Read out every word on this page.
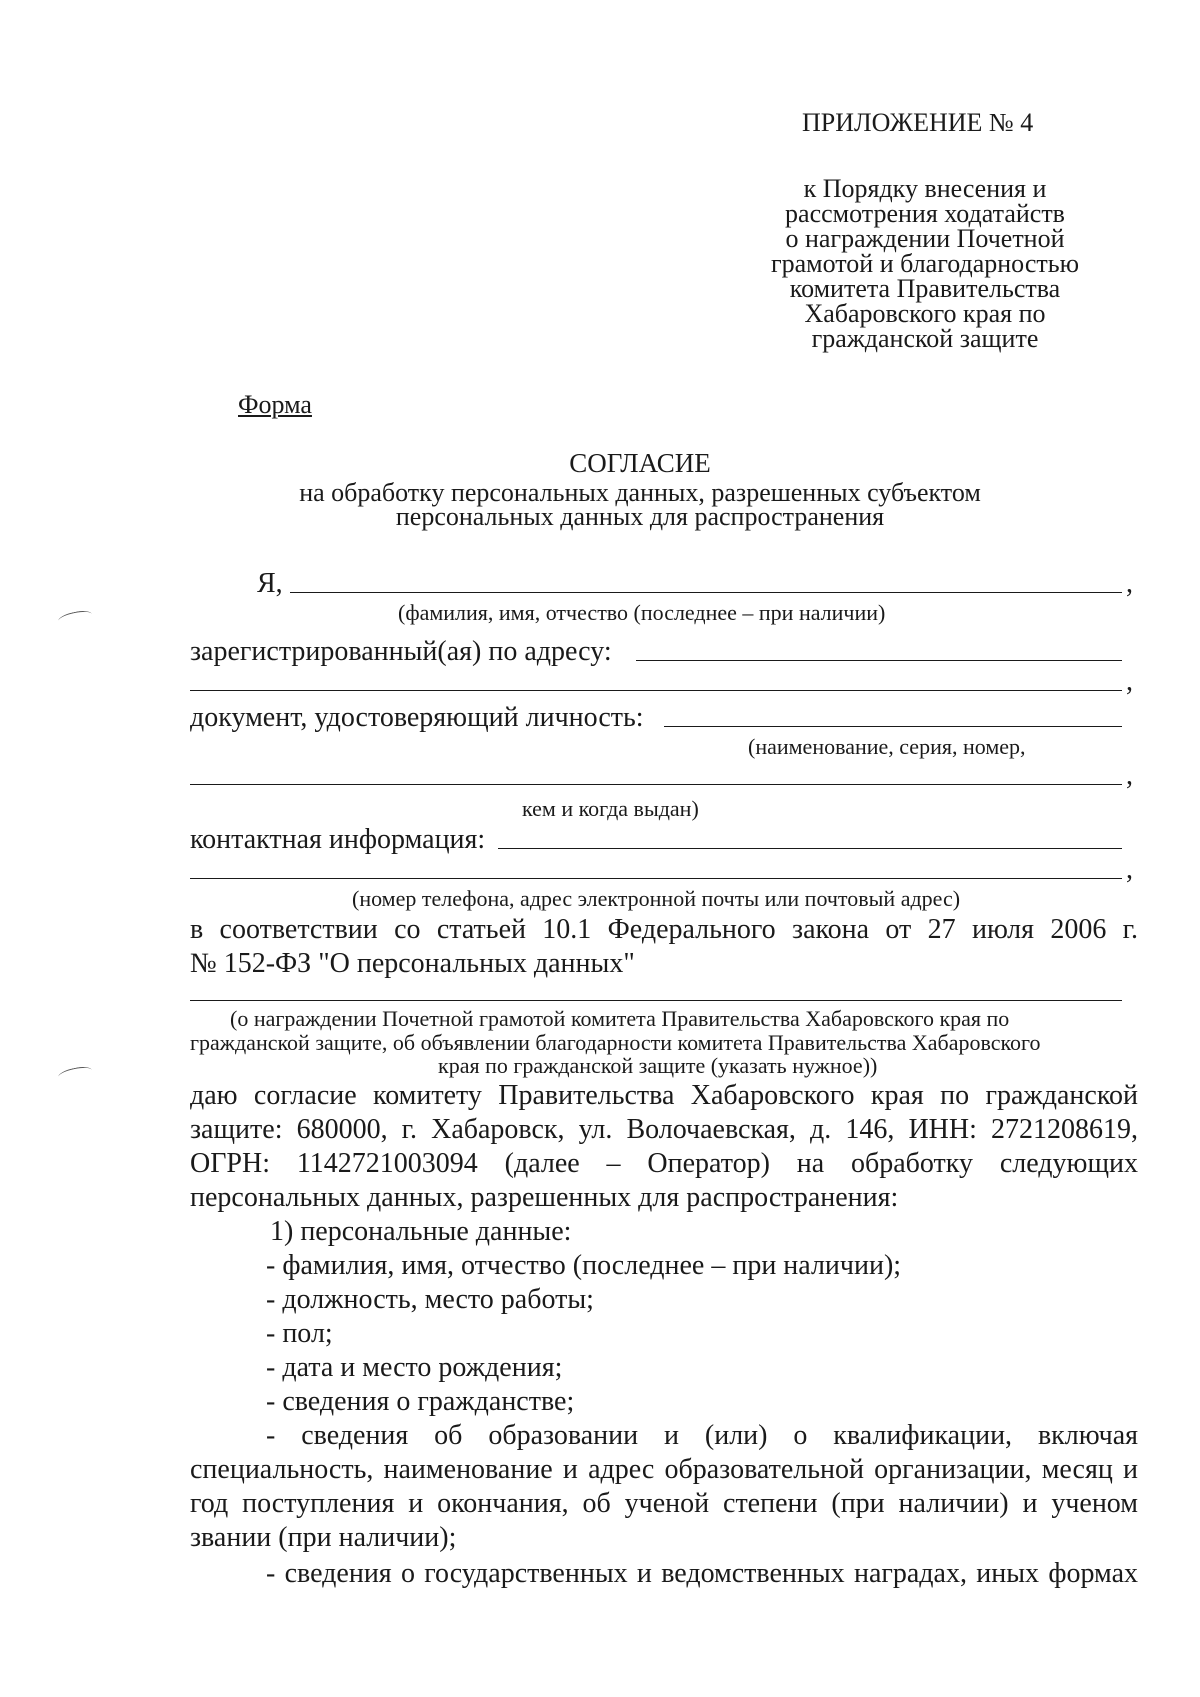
ПРИЛОЖЕНИЕ № 4
к Порядку внесения и
рассмотрения ходатайств
о награждении Почетной
грамотой и благодарностью
комитета Правительства
Хабаровского края по
гражданской защите
Форма
СОГЛАСИЕ
на обработку персональных данных, разрешенных субъектом
персональных данных для распространения
Я,	,
(фамилия, имя, отчество (последнее – при наличии)
зарегистрированный(ая) по адресу:
,
документ, удостоверяющий личность:
(наименование, серия, номер,
,
кем и когда выдан)
контактная информация:
,
(номер телефона, адрес электронной почты или почтовый адрес)
в соответствии со статьей 10.1 Федерального закона от 27 июля 2006 г.
№ 152-ФЗ "О персональных данных"
(о награждении Почетной грамотой комитета Правительства Хабаровского края по
гражданской защите, об объявлении благодарности комитета Правительства Хабаровского
края по гражданской защите (указать нужное))
даю согласие комитету Правительства Хабаровского края по гражданской
защите: 680000, г. Хабаровск, ул. Волочаевская, д. 146, ИНН: 2721208619,
ОГРН: 1142721003094 (далее – Оператор) на обработку следующих
персональных данных, разрешенных для распространения:
1) персональные данные:
- фамилия, имя, отчество (последнее – при наличии);
- должность, место работы;
- пол;
- дата и место рождения;
- сведения о гражданстве;
- сведения об образовании и (или) о квалификации, включая
специальность, наименование и адрес образовательной организации, месяц и
год поступления и окончания, об ученой степени (при наличии) и ученом
звании (при наличии);
- сведения о государственных и ведомственных наградах, иных формах
